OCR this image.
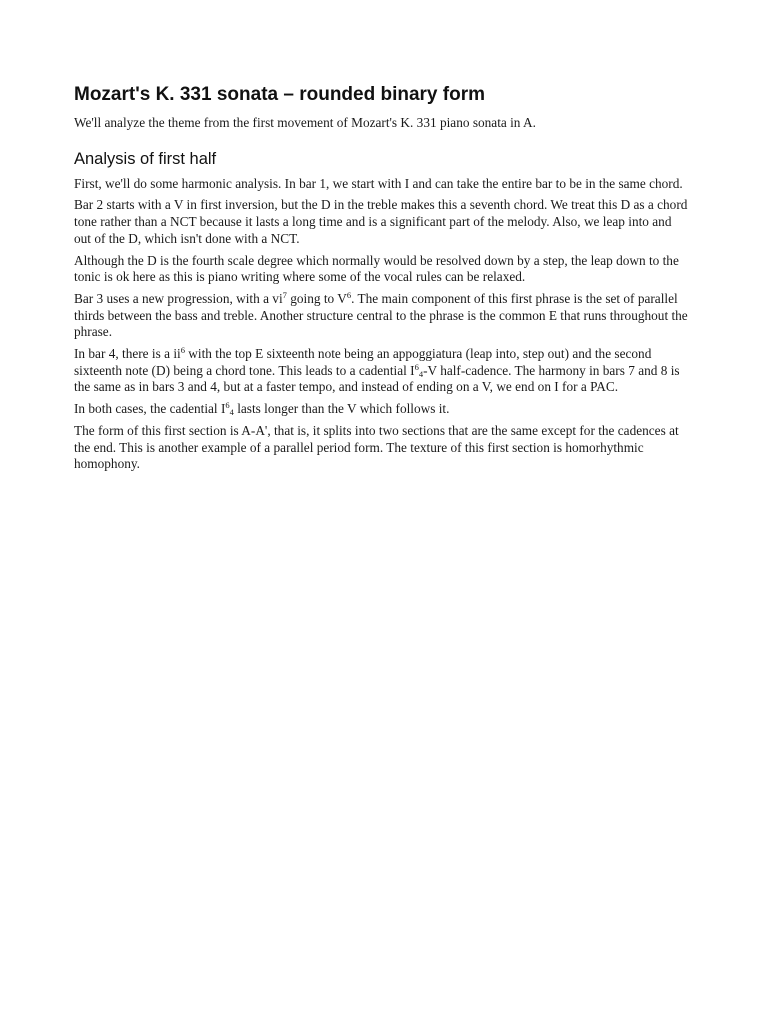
Mozart's K. 331 sonata – rounded binary form

We'll analyze the theme from the first movement of Mozart's K. 331 piano sonata in A.

Analysis of first half

First, we'll do some harmonic analysis. In bar 1, we start with I and can take the entire bar to be in the same chord.

Bar 2 starts with a V in first inversion, but the D in the treble makes this a seventh chord. We treat this D as a chord tone rather than a NCT because it lasts a long time and is a significant part of the melody. Also, we leap into and out of the D, which isn't done with a NCT.

Although the D is the fourth scale degree which normally would be resolved down by a step, the leap down to the tonic is ok here as this is piano writing where some of the vocal rules can be relaxed.

Bar 3 uses a new progression, with a $vi^7$ going to $V^6$. The main component of this first phrase is the set of parallel thirds between the bass and treble. Another structure central to the phrase is the common E that runs throughout the phrase.

In bar 4, there is a $ii^6$ with the top E sixteenth note being an appoggiatura (leap into, step out) and the second sixteenth note (D) being a chord tone. This leads to a cadential $I^6_4-V$ half-cadence. The harmony in bars 7 and 8 is the same as in bars 3 and 4, but at a faster tempo, and instead of ending on a V, we end on I for a PAC.

In both cases, the cadential $I^6_4$ lasts longer than the V which follows it.

The form of this first section is A-A', that is, it splits into two sections that are the same except for the cadences at the end. This is another example of a parallel period form. The texture of this first section is homorhythmic homophony.
